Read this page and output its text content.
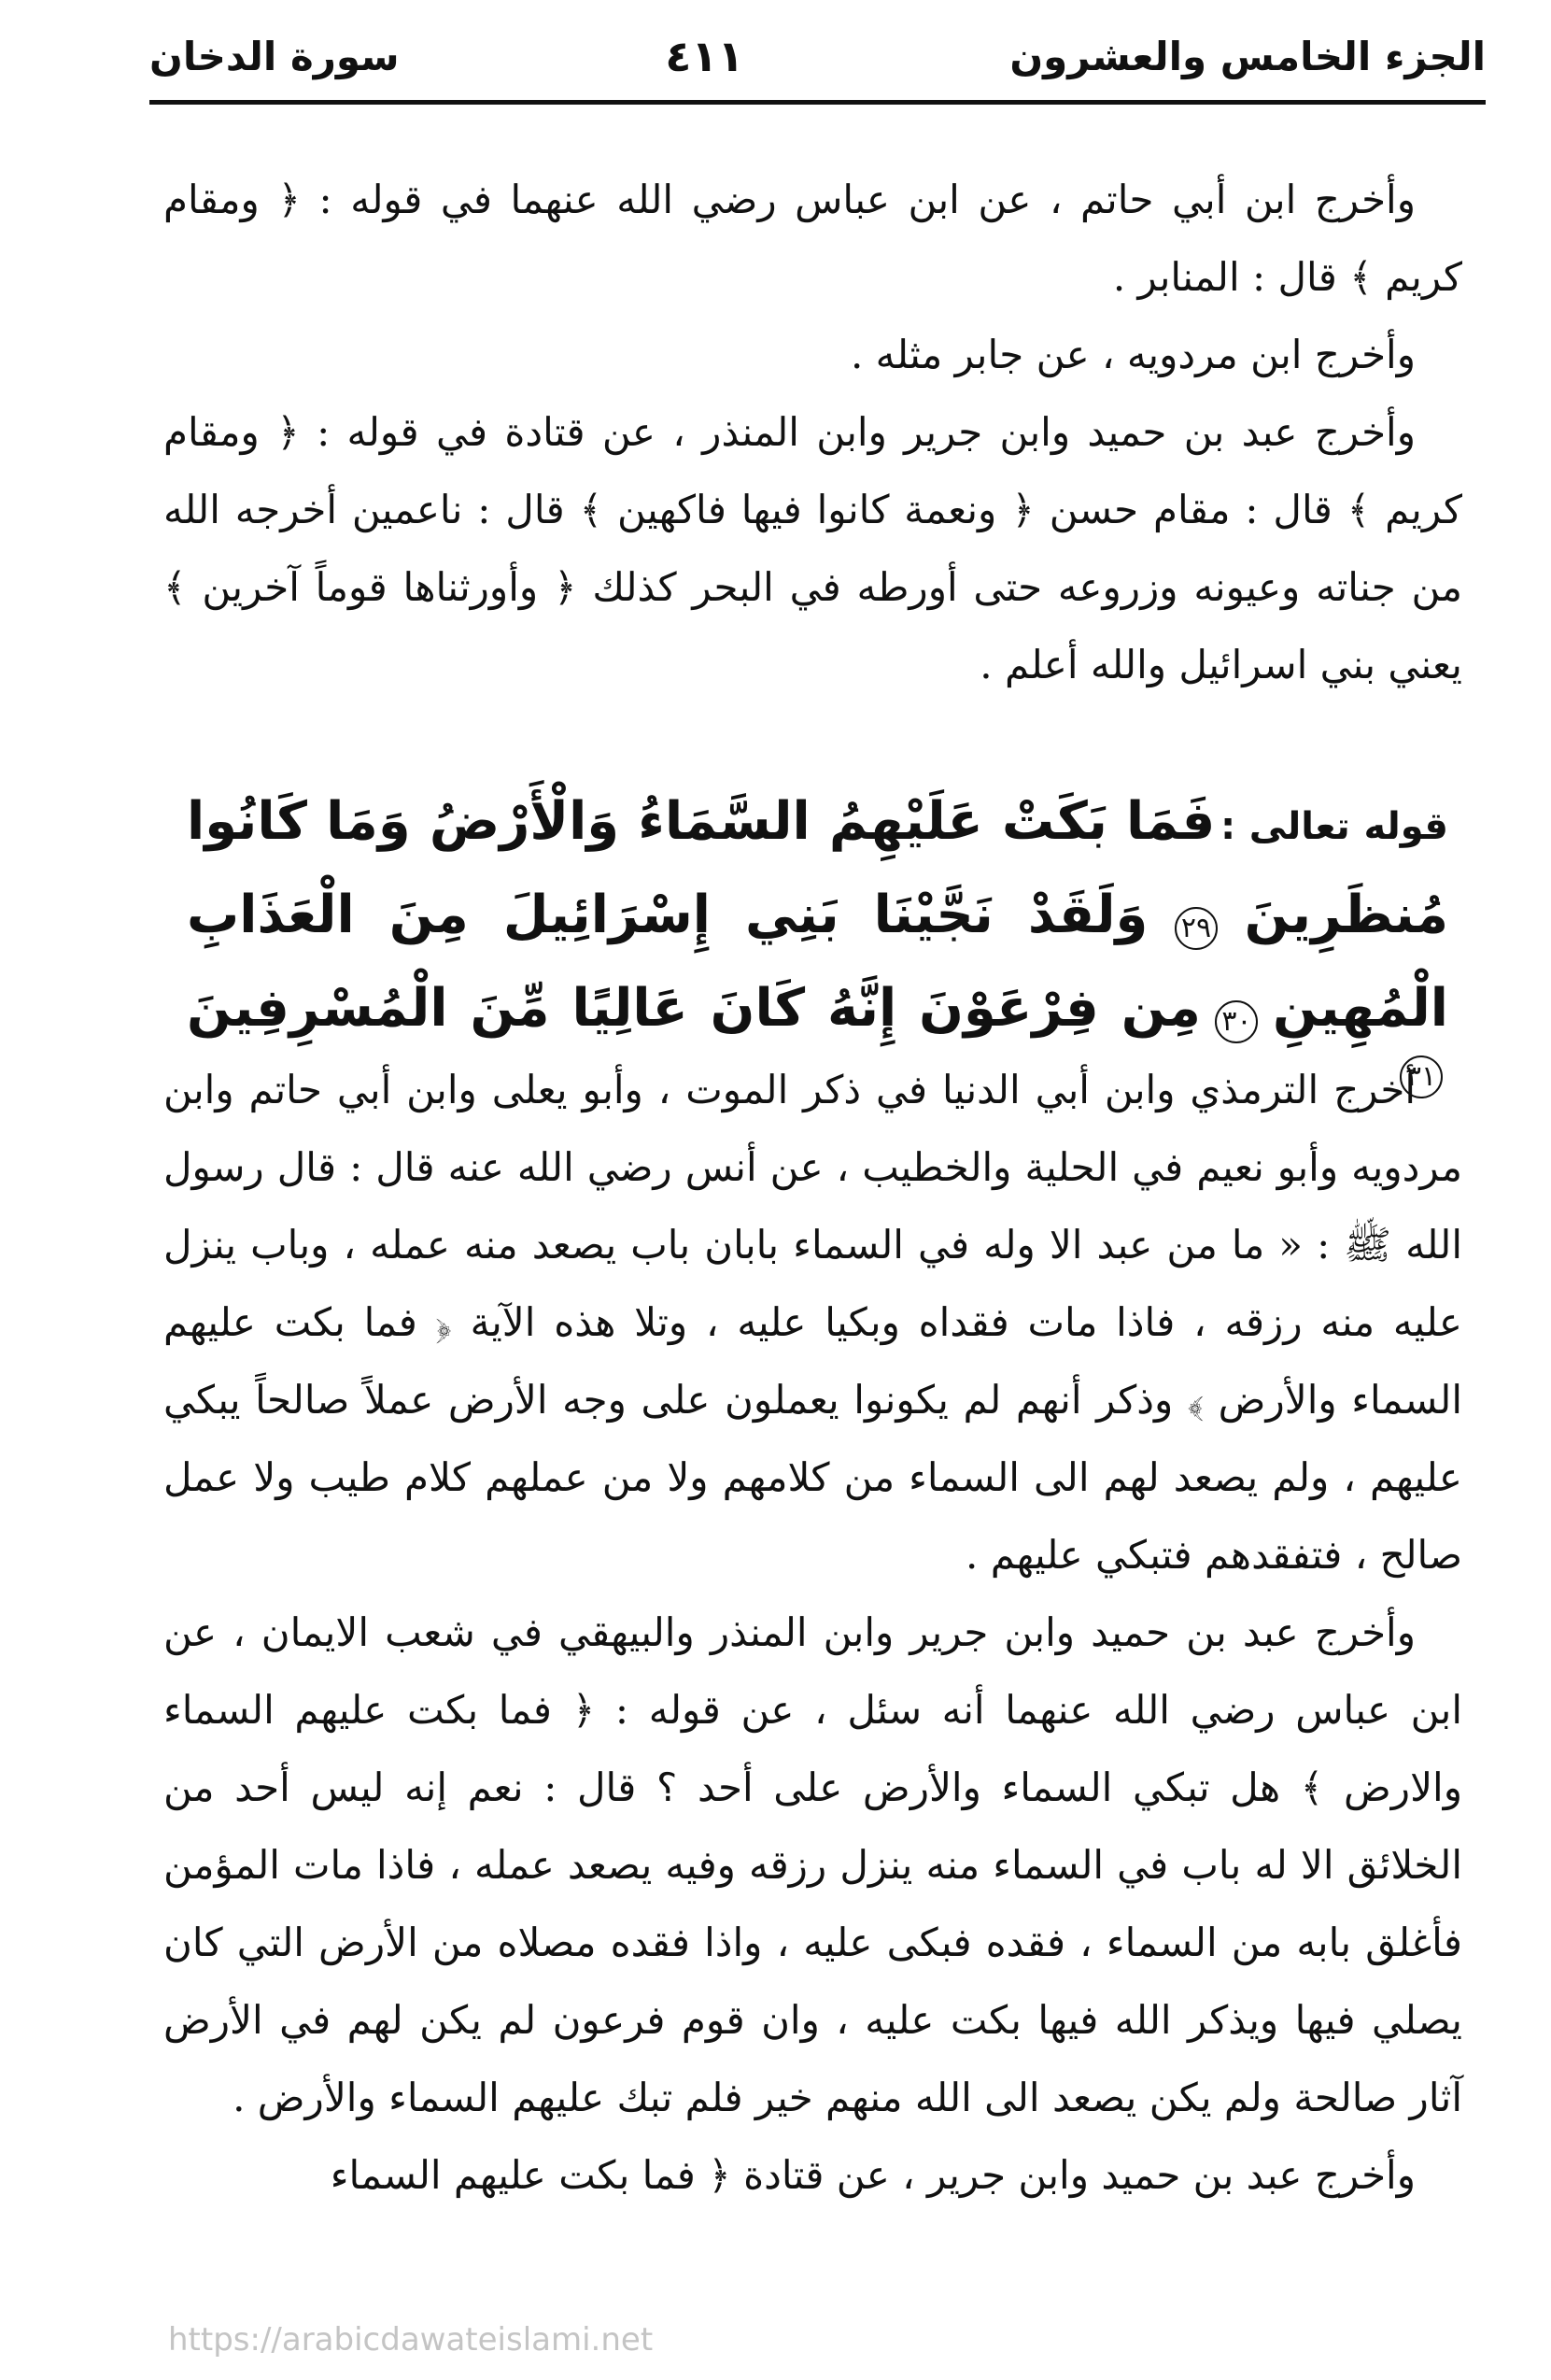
الجزء الخامس والعشرون
٤١١
سورة الدخان

وأخرج ابن أبي حاتم ، عن ابن عباس رضي الله عنهما في قوله : ﴿ ومقام كريم ﴾ قال : المنابر .

وأخرج ابن مردويه ، عن جابر مثله .

وأخرج عبد بن حميد وابن جرير وابن المنذر ، عن قتادة في قوله : ﴿ ومقام كريم ﴾ قال : مقام حسن ﴿ ونعمة كانوا فيها فاكهين ﴾ قال : ناعمين أخرجه الله من جناته وعيونه وزروعه حتى أورطه في البحر كذلك ﴿ وأورثناها قوماً آخرين ﴾ يعني بني اسرائيل والله أعلم .

قوله تعالى : فَمَا بَكَتْ عَلَيْهِمُ السَّمَاءُ وَالْأَرْضُ وَمَا كَانُوا مُنظَرِينَ ٢٩ وَلَقَدْ نَجَّيْنَا بَنِي إِسْرَائِيلَ مِنَ الْعَذَابِ الْمُهِينِ ٣٠ مِن فِرْعَوْنَ إِنَّهُ كَانَ عَالِيًا مِّنَ الْمُسْرِفِينَ ٣١

أخرج الترمذي وابن أبي الدنيا في ذكر الموت ، وأبو يعلى وابن أبي حاتم وابن مردويه وأبو نعيم في الحلية والخطيب ، عن أنس رضي الله عنه قال : قال رسول الله ﷺ : « ما من عبد الا وله في السماء بابان باب يصعد منه عمله ، وباب ينزل عليه منه رزقه ، فاذا مات فقداه وبكيا عليه ، وتلا هذه الآية ﴿ فما بكت عليهم السماء والأرض ﴾ وذكر أنهم لم يكونوا يعملون على وجه الأرض عملاً صالحاً يبكي عليهم ، ولم يصعد لهم الى السماء من كلامهم ولا من عملهم كلام طيب ولا عمل صالح ، فتفقدهم فتبكي عليهم .

وأخرج عبد بن حميد وابن جرير وابن المنذر والبيهقي في شعب الايمان ، عن ابن عباس رضي الله عنهما أنه سئل ، عن قوله : ﴿ فما بكت عليهم السماء والارض ﴾ هل تبكي السماء والأرض على أحد ؟ قال : نعم إنه ليس أحد من الخلائق الا له باب في السماء منه ينزل رزقه وفيه يصعد عمله ، فاذا مات المؤمن فأغلق بابه من السماء ، فقده فبكى عليه ، واذا فقده مصلاه من الأرض التي كان يصلي فيها ويذكر الله فيها بكت عليه ، وان قوم فرعون لم يكن لهم في الأرض آثار صالحة ولم يكن يصعد الى الله منهم خير فلم تبك عليهم السماء والأرض .

وأخرج عبد بن حميد وابن جرير ، عن قتادة ﴿ فما بكت عليهم السماء

https://arabicdawateislami.net
